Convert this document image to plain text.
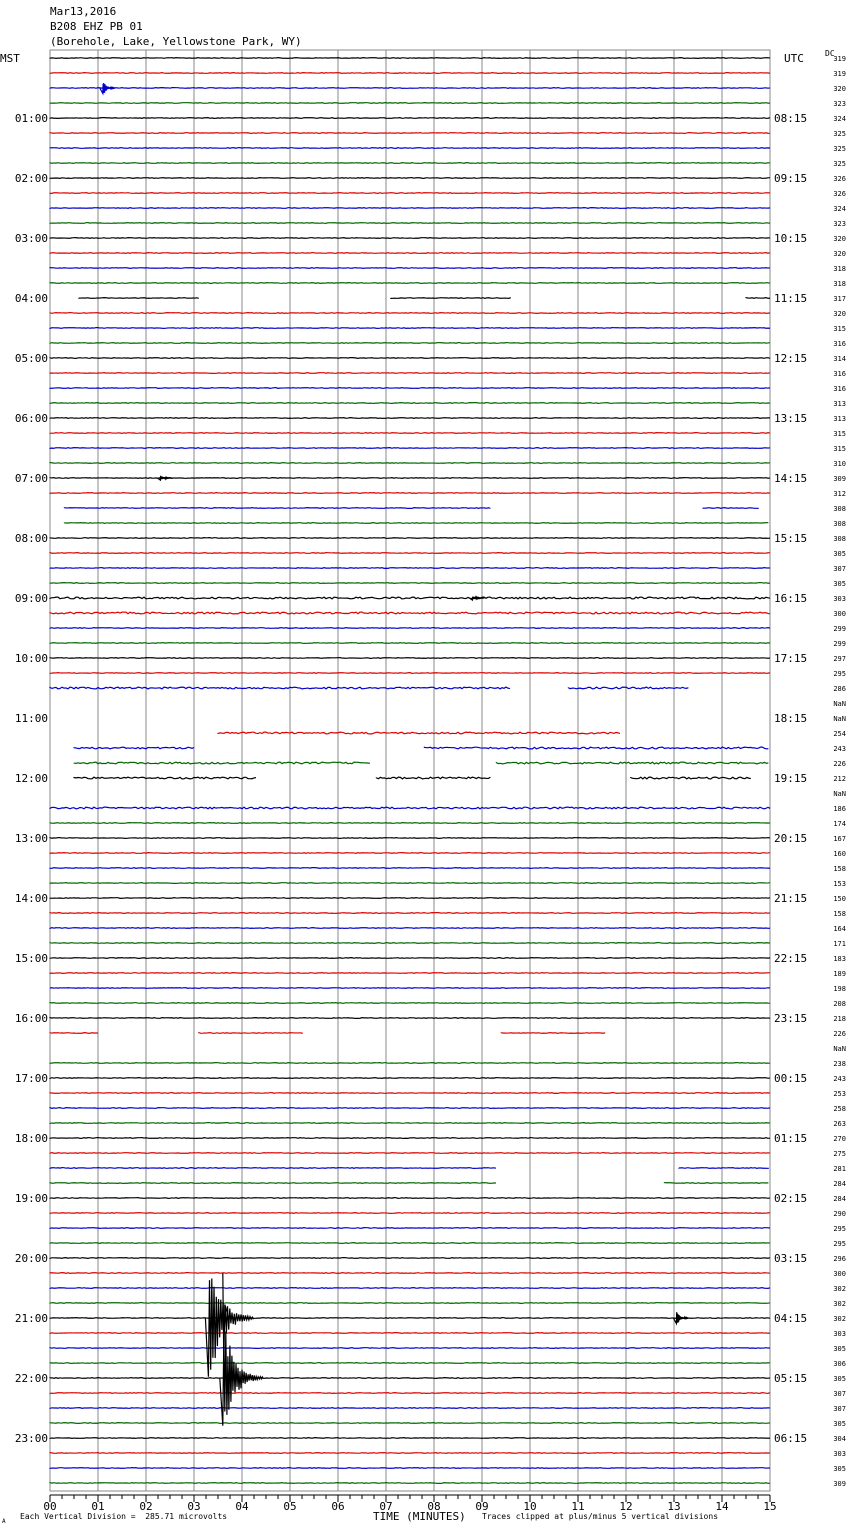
Mar13,2016
B208 EHZ PB 01
(Borehole, Lake, Yellowstone Park, WY)
DC
MST	UTC
01:00
02:00
03:00
04:00
05:00
06:00
07:00
08:00
09:00
10:00
11:00
12:00
13:00
14:00
15:00
16:00
17:00
18:00
19:00
20:00
21:00
22:00
23:00
08:15
09:15
10:15
11:15
12:15
13:15
14:15
15:15
16:15
17:15
18:15
19:15
20:15
21:15
22:15
23:15
00:15
01:15
02:15
03:15
04:15
05:15
06:15
319
319
320
323
324
325
325
325
326
326
324
323
320
320
318
318
317
320
315
316
314
316
316
313
313
315
315
310
309
312
308
308
308
305
307
305
303
300
299
299
297
295
286
NaN
NaN
254
243
226
212
NaN
186
174
167
160
158
153
150
158
164
171
183
189
198
208
218
226
NaN
238
243
253
258
263
270
275
281
284
284
290
295
295
296
300
302
302
302
303
305
306
305
307
307
305
304
303
305
309
00	01	02	03	04	05	06	07	08	09	10	11	12	13	14	15
A
Each Vertical Division =  285.71 microvolts	TIME (MINUTES) Traces clipped at plus/minus 5 vertical divisions
